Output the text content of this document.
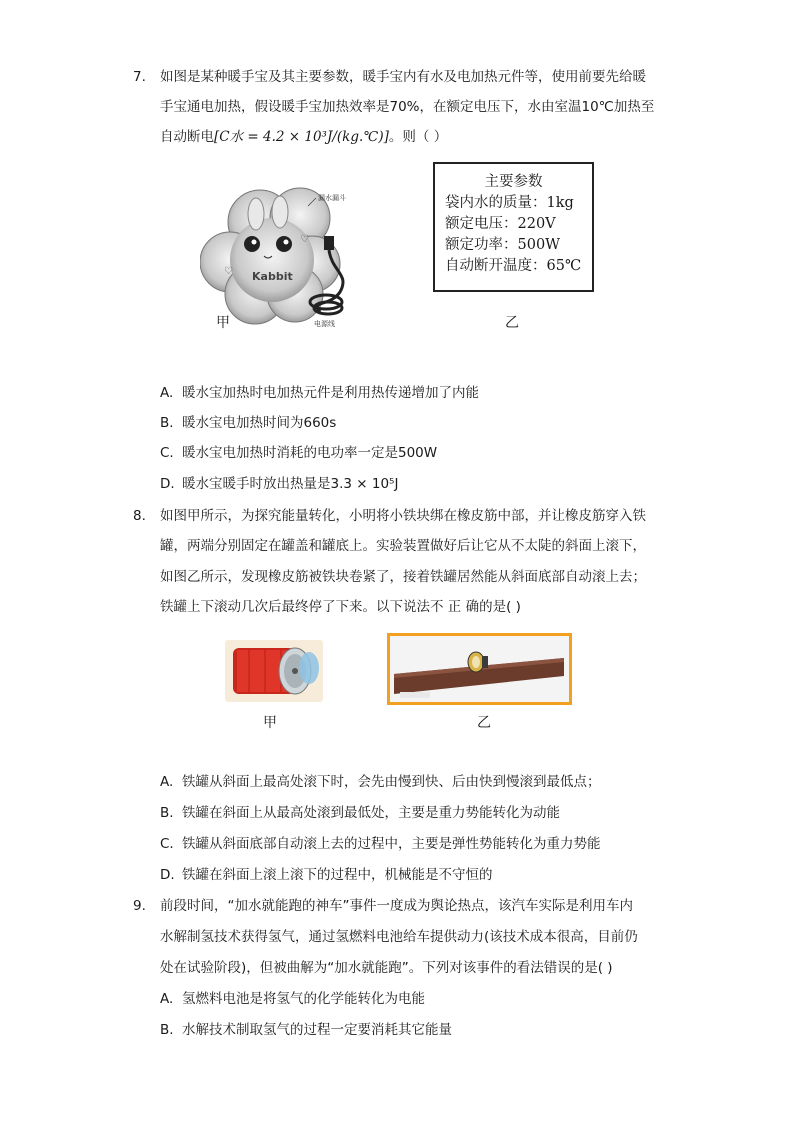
7. 如图是某种暖手宝及其主要参数，暖手宝内有水及电加热元件等，使用前要先给暖
手宝通电加热，假设暖手宝加热效率是70%，在额定电压下，水由室温10℃加热至
自动断电[C水 = 4.2 × 10³J/(kg.℃)]。则（ ）
Kabbit
♡
♡
漏水漏斗
电源线
甲
主要参数
袋内水的质量：1kg
额定电压：220V
额定功率：500W
自动断开温度：65℃
乙
A. 暖水宝加热时电加热元件是利用热传递增加了内能
B. 暖水宝电加热时间为660s
C. 暖水宝电加热时消耗的电功率一定是500W
D. 暖水宝暖手时放出热量是3.3 × 10⁵J
8. 如图甲所示，为探究能量转化，小明将小铁块绑在橡皮筋中部，并让橡皮筋穿入铁
罐，两端分别固定在罐盖和罐底上。实验装置做好后让它从不太陡的斜面上滚下，
如图乙所示，发现橡皮筋被铁块卷紧了，接着铁罐居然能从斜面底部自动滚上去；
铁罐上下滚动几次后最终停了下来。以下说法不 正 确的是( )
甲	乙
A. 铁罐从斜面上最高处滚下时，会先由慢到快、后由快到慢滚到最低点；
B. 铁罐在斜面上从最高处滚到最低处，主要是重力势能转化为动能
C. 铁罐从斜面底部自动滚上去的过程中，主要是弹性势能转化为重力势能
D. 铁罐在斜面上滚上滚下的过程中，机械能是不守恒的
9. 前段时间，“加水就能跑的神车”事件一度成为舆论热点，该汽车实际是利用车内
水解制氢技术获得氢气，通过氢燃料电池给车提供动力(该技术成本很高，目前仍
处在试验阶段)，但被曲解为“加水就能跑”。下列对该事件的看法错误的是( )
A. 氢燃料电池是将氢气的化学能转化为电能
B. 水解技术制取氢气的过程一定要消耗其它能量
